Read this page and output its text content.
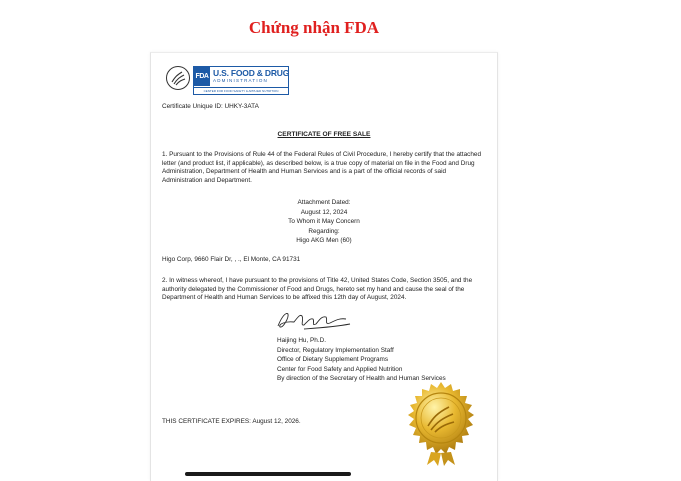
Chứng nhận FDA
FDA U.S. FOOD & DRUG
ADMINISTRATION
CENTER FOR FOOD SAFETY & APPLIED NUTRITION
Certificate Unique ID: UHKY-3ATA
CERTIFICATE OF FREE SALE
1. Pursuant to the Provisions of Rule 44 of the Federal Rules of Civil Procedure, I hereby certify that the attached letter (and product list, if applicable), as described below, is a true copy of material on file in the Food and Drug Administration, Department of Health and Human Services and is a part of the official records of said Administration and Department.
Attachment Dated:
August 12, 2024
To Whom it May Concern
Regarding:
Higo AKG Men (60)
Higo Corp, 9660 Flair Dr, , ., El Monte, CA 91731
2. In witness whereof, I have pursuant to the provisions of Title 42, United States Code, Section 3505, and the authority delegated by the Commissioner of Food and Drugs, hereto set my hand and cause the seal of the Department of Health and Human Services to be affixed this 12th day of August, 2024.
Haijing Hu, Ph.D.
Director, Regulatory Implementation Staff
Office of Dietary Supplement Programs
Center for Food Safety and Applied Nutrition
By direction of the Secretary of Health and Human Services
THIS CERTIFICATE EXPIRES: August 12, 2026.
